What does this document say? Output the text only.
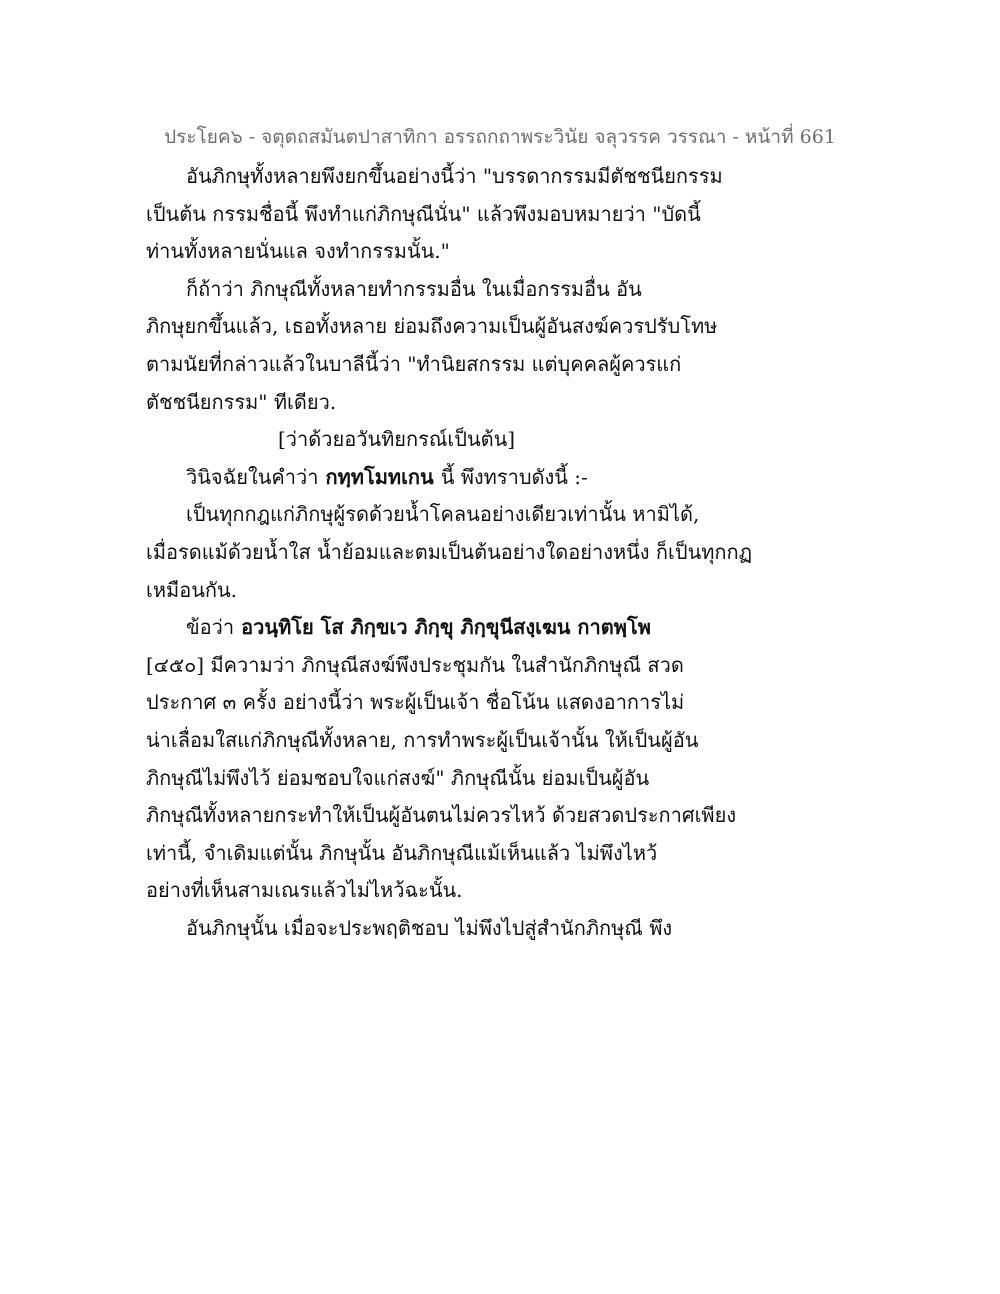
ประโยค๖ - จตุตถสมันตปาสาทิกา อรรถกถาพระวินัย จลุวรรค วรรณา - หน้าที่ 661
อันภิกษุทั้งหลายพึงยกขึ้นอย่างนี้ว่า "บรรดากรรมมีตัชชนียกรรม
เป็นต้น กรรมชื่อนี้ พึงทำแก่ภิกษุณีนั่น" แล้วพึงมอบหมายว่า "บัดนี้
ท่านทั้งหลายนั่นแล จงทำกรรมนั้น."
ก็ถ้าว่า ภิกษุณีทั้งหลายทำกรรมอื่น ในเมื่อกรรมอื่น อัน
ภิกษุยกขึ้นแล้ว, เธอทั้งหลาย ย่อมถึงความเป็นผู้อันสงฆ์ควรปรับโทษ
ตามนัยที่กล่าวแล้วในบาลีนี้ว่า "ทำนิยสกรรม แต่บุคคลผู้ควรแก่
ตัชชนียกรรม" ทีเดียว.
[ว่าด้วยอวันทิยกรณ์เป็นต้น]
วินิจฉัยในคำว่า กทฺทโมทเกน นี้ พึงทราบดังนี้ :-
เป็นทุกกฎแก่ภิกษุผู้รดด้วยน้ำโคลนอย่างเดียวเท่านั้น หามิได้,
เมื่อรดแม้ด้วยน้ำใส น้ำย้อมและตมเป็นต้นอย่างใดอย่างหนึ่ง ก็เป็นทุกกฏ
เหมือนกัน.
ข้อว่า อวนฺทิโย โส ภิกฺขเว ภิกฺขุ ภิกฺขุนีสงฺเฆน กาตพฺโพ
[๔๕๐] มีความว่า ภิกษุณีสงฆ์พึงประชุมกัน ในสำนักภิกษุณี สวด
ประกาศ ๓ ครั้ง อย่างนี้ว่า พระผู้เป็นเจ้า ชื่อโน้น แสดงอาการไม่
น่าเลื่อมใสแก่ภิกษุณีทั้งหลาย, การทำพระผู้เป็นเจ้านั้น ให้เป็นผู้อัน
ภิกษุณีไม่พึงไว้ ย่อมชอบใจแก่สงฆ์" ภิกษุณีนั้น ย่อมเป็นผู้อัน
ภิกษุณีทั้งหลายกระทำให้เป็นผู้อันตนไม่ควรไหว้ ด้วยสวดประกาศเพียง
เท่านี้, จำเดิมแต่นั้น ภิกษุนั้น อันภิกษุณีแม้เห็นแล้ว ไม่พึงไหว้
อย่างที่เห็นสามเณรแล้วไม่ไหว้ฉะนั้น.
อันภิกษุนั้น เมื่อจะประพฤติชอบ ไม่พึงไปสู่สำนักภิกษุณี พึง
